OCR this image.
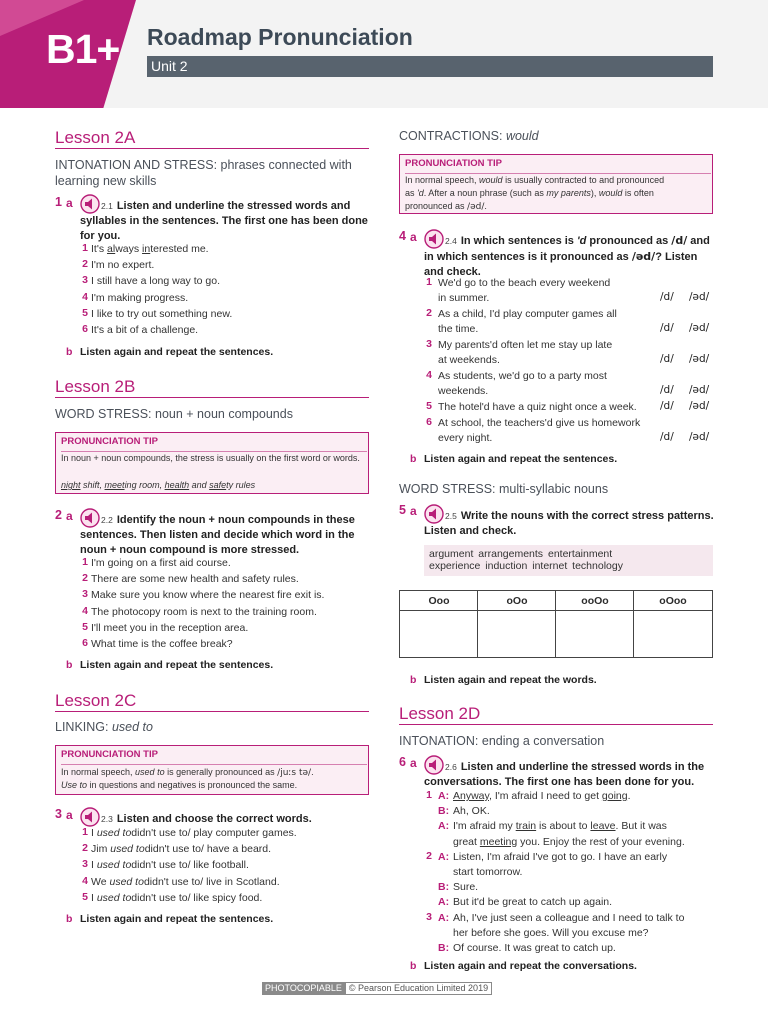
B1+ Roadmap Pronunciation
Unit 2
Lesson 2A
INTONATION AND STRESS: phrases connected with learning new skills
1 a	2.1 Listen and underline the stressed words and syllables in the sentences. The first one has been done for you.
1 It's always interested me.
2 I'm no expert.
3 I still have a long way to go.
4 I'm making progress.
5 I like to try out something new.
6 It's a bit of a challenge.
b Listen again and repeat the sentences.
Lesson 2B
WORD STRESS: noun + noun compounds
PRONUNCIATION TIP
In noun + noun compounds, the stress is usually on the first word or words.
night shift, meeting room, health and safety rules
2 a	2.2 Identify the noun + noun compounds in these sentences. Then listen and decide which word in the noun + noun compound is more stressed.
1 I'm going on a first aid course.
2 There are some new health and safety rules.
3 Make sure you know where the nearest fire exit is.
4 The photocopy room is next to the training room.
5 I'll meet you in the reception area.
6 What time is the coffee break?
b Listen again and repeat the sentences.
Lesson 2C
LINKING: used to
PRONUNCIATION TIP
In normal speech, used to is generally pronounced as /juːs tə/.
Use to in questions and negatives is pronounced the same.
3 a	2.3 Listen and choose the correct words.
1 I used todidn't use to/ play computer games.
2 Jim used todidn't use to/ have a beard.
3 I used todidn't use to/ like football.
4 We used todidn't use to/ live in Scotland.
5 I used todidn't use to/ like spicy food.
b Listen again and repeat the sentences.
CONTRACTIONS: would
PRONUNCIATION TIP
In normal speech, would is usually contracted to and pronounced
as 'd. After a noun phrase (such as my parents), would is often
pronounced as /əd/.
4 a	2.4 In which sentences is 'd pronounced as /d/ and in which sentences is it pronounced as /əd/? Listen and check.
1 We'd go to the beach every weekend
in summer.	/d/ /əd/
2 As a child, I'd play computer games all
the time.	/d/ /əd/
3 My parents'd often let me stay up late
at weekends.	/d/ /əd/
4 As students, we'd go to a party most
weekends.	/d/ /əd/
5 The hotel'd have a quiz night once a week. /d/ /əd/
6 At school, the teachers'd give us homework
every night.	/d/ /əd/
b Listen again and repeat the sentences.
WORD STRESS: multi-syllabic nouns
5 a	2.5 Write the nouns with the correct stress patterns. Listen and check.
argument arrangements entertainment
experience induction internet technology
Ooo	oOo	ooOo	oOoo
b Listen again and repeat the words.
Lesson 2D
INTONATION: ending a conversation
6 a	2.6 Listen and underline the stressed words in the conversations. The first one has been done for you.
1 A: Anyway, I'm afraid I need to get going.
B: Ah, OK.
A: I'm afraid my train is about to leave. But it was
great meeting you. Enjoy the rest of your evening.
2 A: Listen, I'm afraid I've got to go. I have an early
start tomorrow.
B: Sure.
A: But it'd be great to catch up again.
3 A: Ah, I've just seen a colleague and I need to talk to
her before she goes. Will you excuse me?
B: Of course. It was great to catch up.
b Listen again and repeat the conversations.
PHOTOCOPIABLE © Pearson Education Limited 2019
